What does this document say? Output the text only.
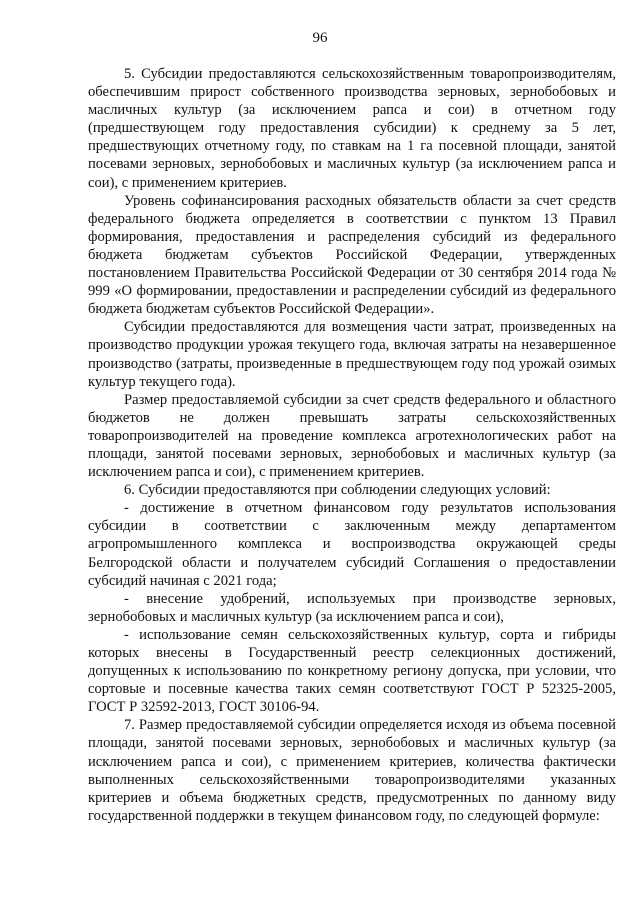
96

5. Субсидии предоставляются сельскохозяйственным товаропроизводителям, обеспечившим прирост собственного производства зерновых, зернобобовых и масличных культур (за исключением рапса и сои) в отчетном году (предшествующем году предоставления субсидии) к среднему за 5 лет, предшествующих отчетному году, по ставкам на 1 га посевной площади, занятой посевами зерновых, зернобобовых и масличных культур (за исключением рапса и сои), с применением критериев.

Уровень софинансирования расходных обязательств области за счет средств федерального бюджета определяется в соответствии с пунктом 13 Правил формирования, предоставления и распределения субсидий из федерального бюджета бюджетам субъектов Российской Федерации, утвержденных постановлением Правительства Российской Федерации от 30 сентября 2014 года № 999 «О формировании, предоставлении и распределении субсидий из федерального бюджета бюджетам субъектов Российской Федерации».

Субсидии предоставляются для возмещения части затрат, произведенных на производство продукции урожая текущего года, включая затраты на незавершенное производство (затраты, произведенные в предшествующем году под урожай озимых культур текущего года).

Размер предоставляемой субсидии за счет средств федерального и областного бюджетов не должен превышать затраты сельскохозяйственных товаропроизводителей на проведение комплекса агротехнологических работ на площади, занятой посевами зерновых, зернобобовых и масличных культур (за исключением рапса и сои), с применением критериев.

6. Субсидии предоставляются при соблюдении следующих условий:

- достижение в отчетном финансовом году результатов использования субсидии в соответствии с заключенным между департаментом агропромышленного комплекса и воспроизводства окружающей среды Белгородской области и получателем субсидий Соглашения о предоставлении субсидий начиная с 2021 года;

- внесение удобрений, используемых при производстве зерновых, зернобобовых и масличных культур (за исключением рапса и сои),

- использование семян сельскохозяйственных культур, сорта и гибриды которых внесены в Государственный реестр селекционных достижений, допущенных к использованию по конкретному региону допуска, при условии, что сортовые и посевные качества таких семян соответствуют ГОСТ Р 52325-2005, ГОСТ Р 32592-2013, ГОСТ 30106-94.

7. Размер предоставляемой субсидии определяется исходя из объема посевной площади, занятой посевами зерновых, зернобобовых и масличных культур (за исключением рапса и сои), с применением критериев, количества фактически выполненных сельскохозяйственными товаропроизводителями указанных критериев и объема бюджетных средств, предусмотренных по данному виду государственной поддержки в текущем финансовом году, по следующей формуле:
